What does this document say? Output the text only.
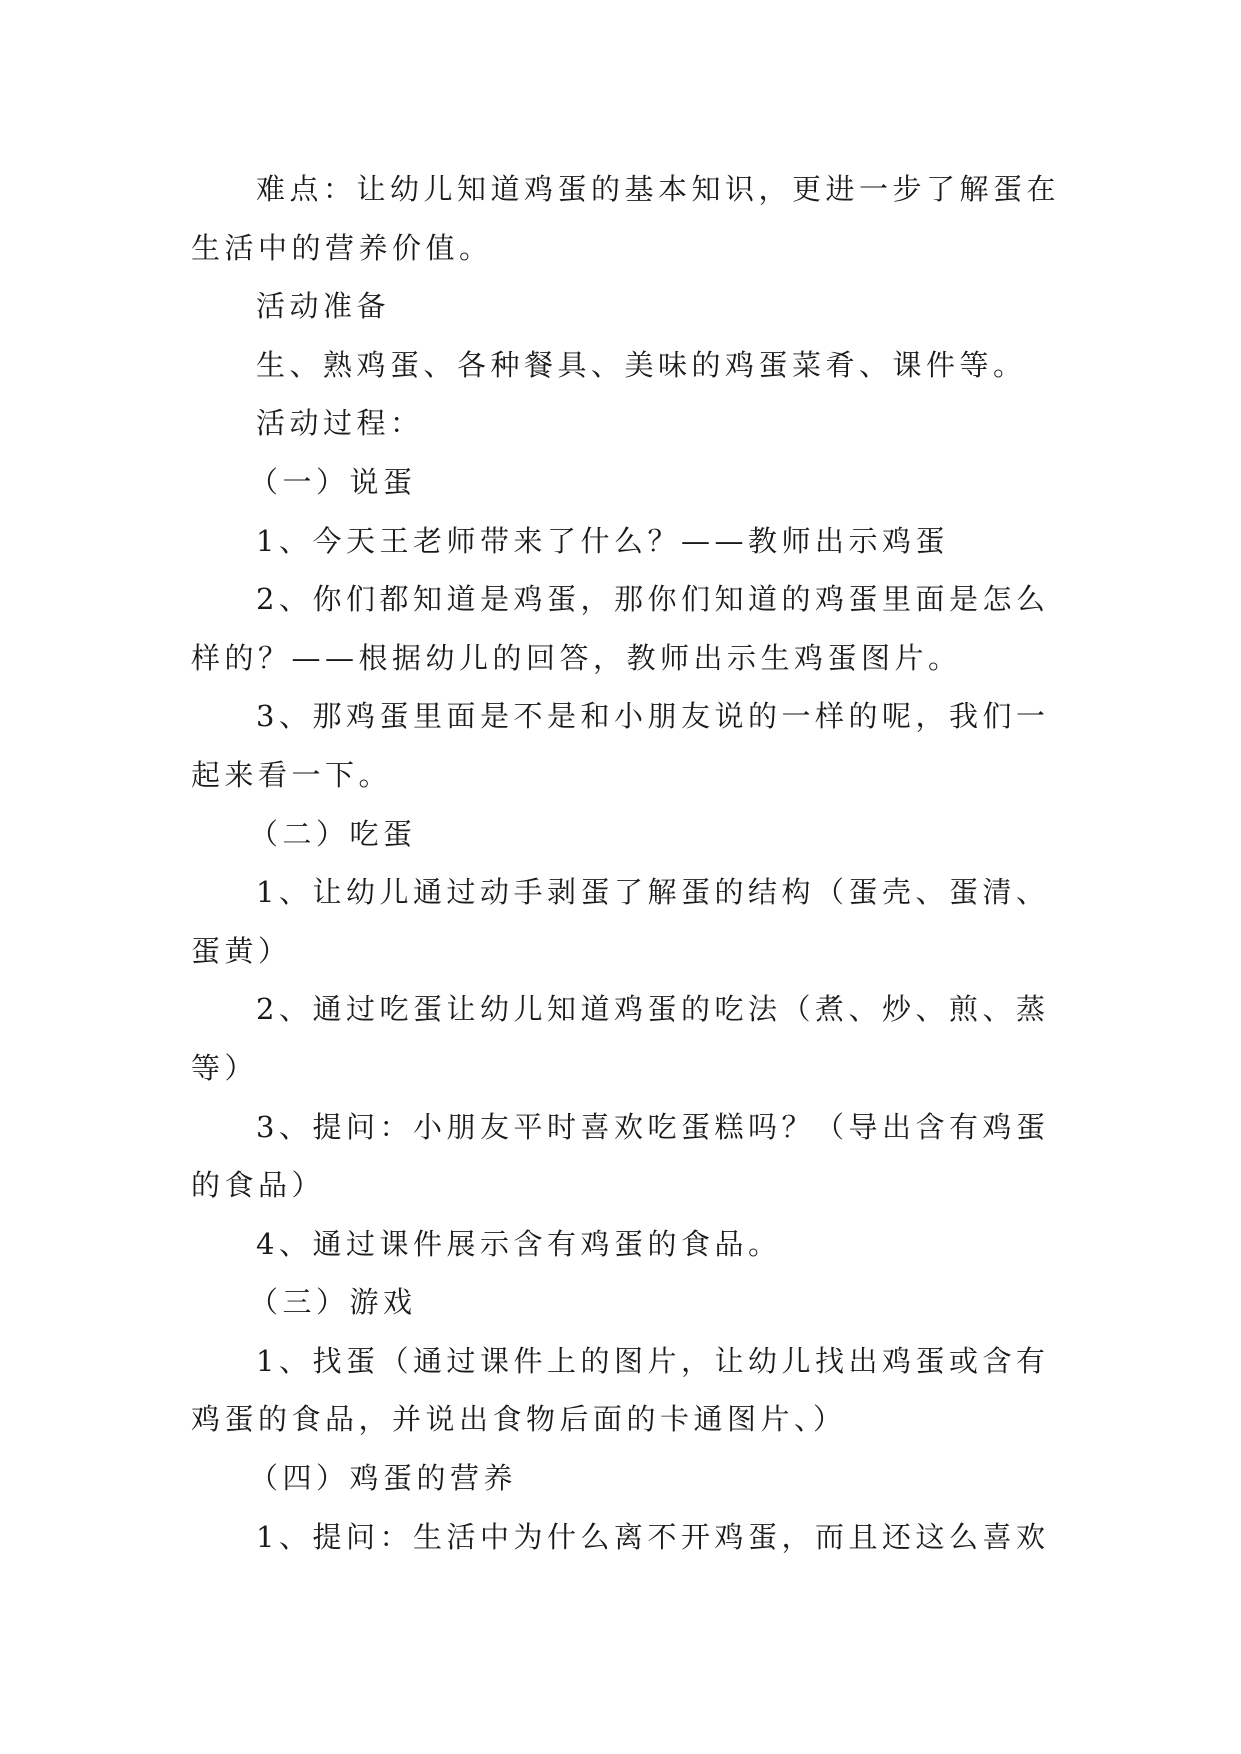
难点：让幼儿知道鸡蛋的基本知识，更进一步了解蛋在
生活中的营养价值。
活动准备
生、熟鸡蛋、各种餐具、美味的鸡蛋菜肴、课件等。
活动过程：
（一）说蛋
1、今天王老师带来了什么？——教师出示鸡蛋
2、你们都知道是鸡蛋，那你们知道的鸡蛋里面是怎么
样的？——根据幼儿的回答，教师出示生鸡蛋图片。
3、那鸡蛋里面是不是和小朋友说的一样的呢，我们一
起来看一下。
（二）吃蛋
1、让幼儿通过动手剥蛋了解蛋的结构（蛋壳、蛋清、
蛋黄）
2、通过吃蛋让幼儿知道鸡蛋的吃法（煮、炒、煎、蒸
等）
3、提问：小朋友平时喜欢吃蛋糕吗？（导出含有鸡蛋
的食品）
4、通过课件展示含有鸡蛋的食品。
（三）游戏
1、找蛋（通过课件上的图片，让幼儿找出鸡蛋或含有
鸡蛋的食品，并说出食物后面的卡通图片、）
（四）鸡蛋的营养
1、提问：生活中为什么离不开鸡蛋，而且还这么喜欢
